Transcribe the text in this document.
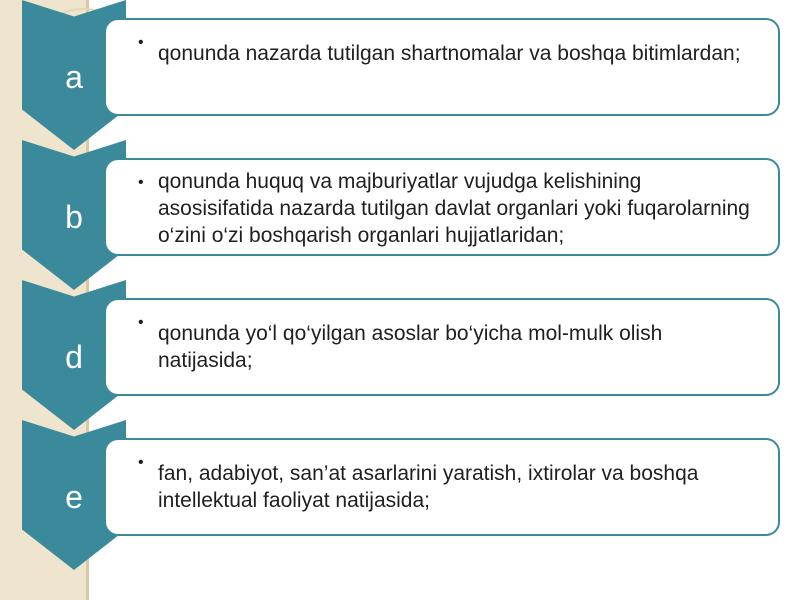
a
• qonunda nazarda tutilgan shartnomalar va boshqa bitimlardan;
b
• qonunda huquq va majburiyatlar vujudga kelishining asosisifatida nazarda tutilgan davlat organlari yoki fuqarolarning o‘zini o‘zi boshqarish organlari hujjatlaridan;
d
• qonunda yo‘l qo‘yilgan asoslar bo‘yicha mol-mulk olish natijasida;
e
• fan, adabiyot, san’at asarlarini yaratish, ixtirolar va boshqa intellektual faoliyat natijasida;
